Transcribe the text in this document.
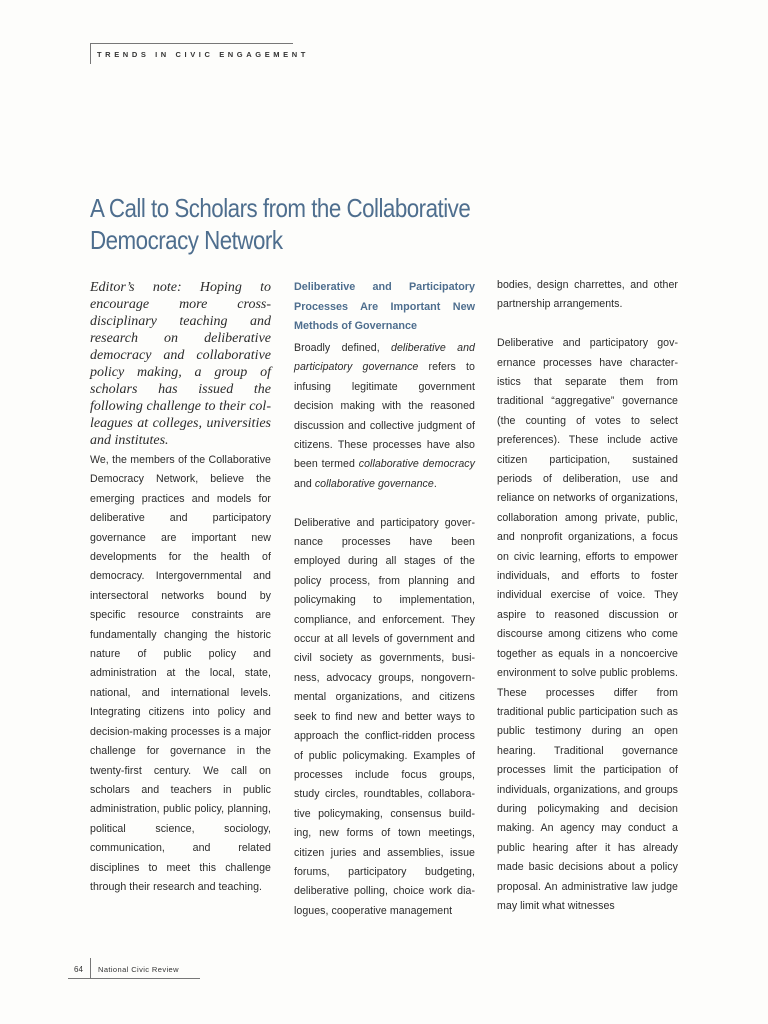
TRENDS IN CIVIC ENGAGEMENT
A Call to Scholars from the Collaborative
Democracy Network
Editor’s note: Hoping to encourage more cross-disciplinary teaching and research on deliberative democracy and collaborative policy making, a group of scholars has issued the following challenge to their colleagues at colleges, universities and institutes.

We, the members of the Collaborative Democracy Network, believe the emerging practices and models for deliberative and participatory governance are important new developments for the health of democracy. Intergovernmental and intersectoral networks bound by specific resource constraints are fundamentally changing the historic nature of public policy and administration at the local, state, national, and international levels. Integrating citizens into policy and decision-making processes is a major challenge for governance in the twenty-first century. We call on scholars and teachers in public administration, public policy, planning, political science, sociology, communication, and related disciplines to meet this challenge through their research and teaching.

Deliberative and Participatory Processes Are Important New Methods of Governance

Broadly defined, deliberative and participatory governance refers to infusing legitimate government decision making with the reasoned discussion and collective judgment of citizens. These processes have also been termed collaborative democracy and collaborative governance.

Deliberative and participatory governance processes have been employed during all stages of the policy process, from planning and policymaking to implementation, compliance, and enforcement. They occur at all levels of government and civil society as governments, business, advocacy groups, nongovernmental organizations, and citizens seek to find new and better ways to approach the conflict-ridden process of public policymaking. Examples of processes include focus groups, study circles, roundtables, collaborative policymaking, consensus building, new forms of town meetings, citizen juries and assemblies, issue forums, participatory budgeting, deliberative polling, choice work dialogues, cooperative management

bodies, design charrettes, and other partnership arrangements.

Deliberative and participatory governance processes have characteristics that separate them from traditional “aggregative” governance (the counting of votes to select preferences). These include active citizen participation, sustained periods of deliberation, use and reliance on networks of organizations, collaboration among private, public, and nonprofit organizations, a focus on civic learning, efforts to empower individuals, and efforts to foster individual exercise of voice. They aspire to reasoned discussion or discourse among citizens who come together as equals in a noncoercive environment to solve public problems. These processes differ from traditional public participation such as public testimony during an open hearing. Traditional governance processes limit the participation of individuals, organizations, and groups during policymaking and decision making. An agency may conduct a public hearing after it has already made basic decisions about a policy proposal. An administrative law judge may limit what witnesses

64 National Civic Review
